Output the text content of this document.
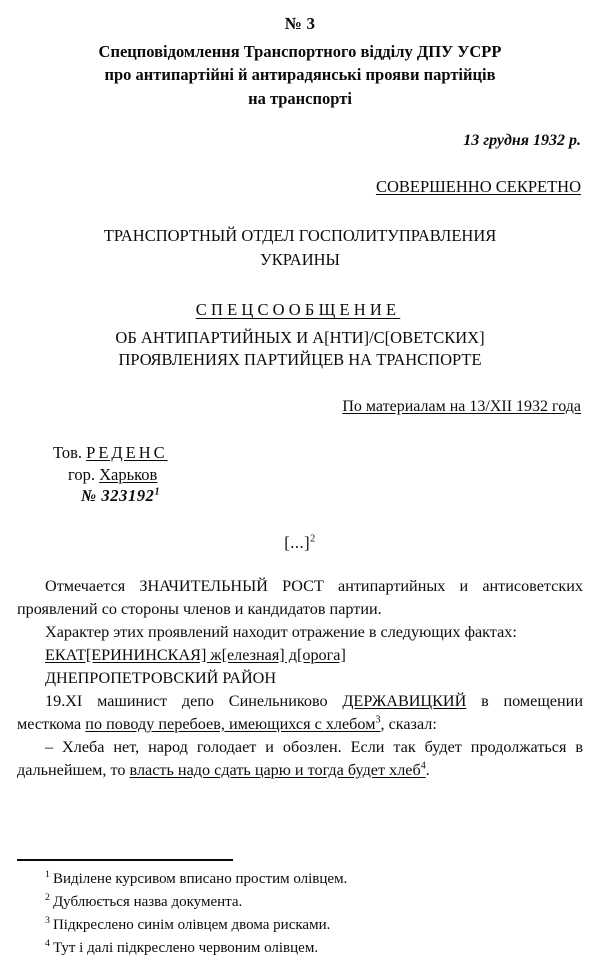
№ 3
Спецповідомлення Транспортного відділу ДПУ УСРР
про антипартійні й антирадянські прояви партійців
на транспорті
13 грудня 1932 р.
СОВЕРШЕННО СЕКРЕТНО
ТРАНСПОРТНЫЙ ОТДЕЛ ГОСПОЛИТУПРАВЛЕНИЯ
УКРАИНЫ
СПЕЦСООБЩЕНИЕ
ОБ АНТИПАРТИЙНЫХ И А[НТИ]/С[ОВЕТСКИХ]
ПРОЯВЛЕНИЯХ ПАРТИЙЦЕВ НА ТРАНСПОРТЕ
По материалам на 13/XII 1932 года
Тов. РЕДЕНС
гор. Харьков
№ 323192$^1$
[...]$^2$

Отмечается ЗНАЧИТЕЛЬНЫЙ РОСТ антипартийных и антисоветских проявлений со стороны членов и кандидатов партии.

Характер этих проявлений находит отражение в следующих фактах:

ЕКАТ[ЕРИНИНСКАЯ] ж[елезная] д[орога]

ДНЕПРОПЕТРОВСКИЙ РАЙОН

19.XI машинист депо Синельниково ДЕРЖАВИЦКИЙ в помещении месткома по поводу перебоев, имеющихся с хлебом$^3$, сказал:

– Хлеба нет, народ голодает и обозлен. Если так будет продолжаться в дальнейшем, то власть надо сдать царю и тогда будет хлеб$^4$.

$^1$ Виділене курсивом вписано простим олівцем.
$^2$ Дублюється назва документа.
$^3$ Підкреслено синім олівцем двома рисками.
$^4$ Тут і далі підкреслено червоним олівцем.
